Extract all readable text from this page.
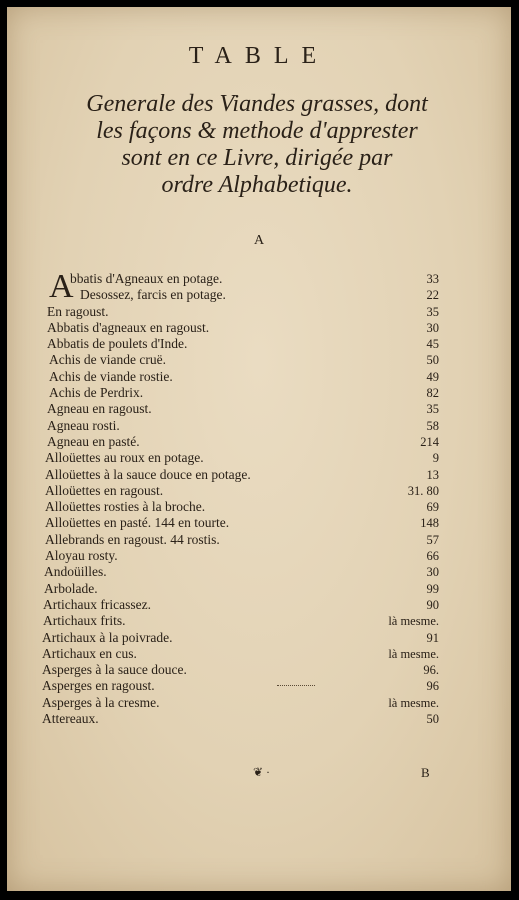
TABLE
Generale des Viandes grasses, dont
les façons & methode d'apprester
sont en ce Livre, dirigée par
ordre Alphabetique.
A
A
bbatis d'Agneaux en potage.	33
Desossez, farcis en potage.	22
En ragoust.	35
Abbatis d'agneaux en ragoust.	30
Abbatis de poulets d'Inde.	45
Achis de viande cruë.	50
Achis de viande rostie.	49
Achis de Perdrix.	82
Agneau en ragoust.	35
Agneau rosti.	58
Agneau en pasté.	214
Alloüettes au roux en potage.	9
Alloüettes à la sauce douce en potage.	13
Alloüettes en ragoust.	31. 80
Alloüettes rosties à la broche.	69
Alloüettes en pasté. 144 en tourte.	148
Allebrands en ragoust. 44 rostis.	57
Aloyau rosty.	66
Andoüilles.	30
Arbolade.	99
Artichaux fricassez.	90
Artichaux frits.	là mesme.
Artichaux à la poivrade.	91
Artichaux en cus.	là mesme.
Asperges à la sauce douce.	96.
Asperges en ragoust.	96
Asperges à la cresme.	là mesme.
Attereaux.	50
❦ ·	B
